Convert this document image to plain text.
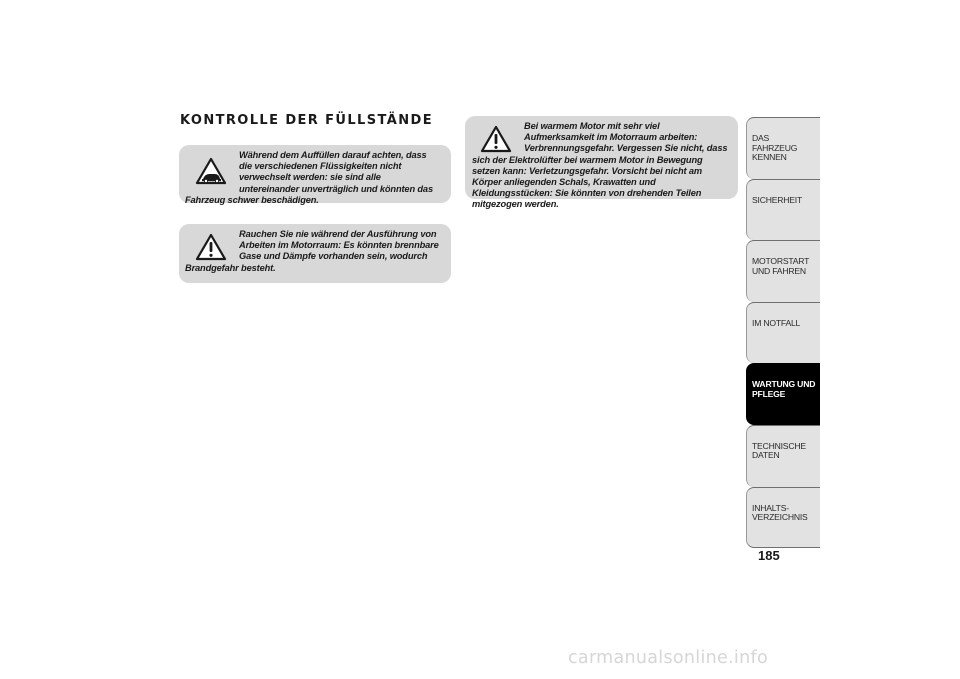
KONTROLLE DER FÜLLSTÄNDE

Während dem Auffüllen darauf achten, dass die verschiedenen Flüssigkeiten nicht verwechselt werden: sie sind alle untereinander unverträglich und könnten das Fahrzeug schwer beschädigen.

Rauchen Sie nie während der Ausführung von Arbeiten im Motorraum: Es könnten brennbare Gase und Dämpfe vorhanden sein, wodurch Brandgefahr besteht.

Bei warmem Motor mit sehr viel Aufmerksamkeit im Motorraum arbeiten: Verbrennungsgefahr. Vergessen Sie nicht, dass sich der Elektrolüfter bei warmem Motor in Bewegung setzen kann: Verletzungsgefahr. Vorsicht bei nicht am Körper anliegenden Schals, Krawatten und Kleidungsstücken: Sie könnten von drehenden Teilen mitgezogen werden.

DAS FAHRZEUG KENNEN
SICHERHEIT
MOTORSTART UND FAHREN
IM NOTFALL
WARTUNG UND PFLEGE
TECHNISCHE DATEN
INHALTS-VERZEICHNIS
185
carmanualsonline.info
